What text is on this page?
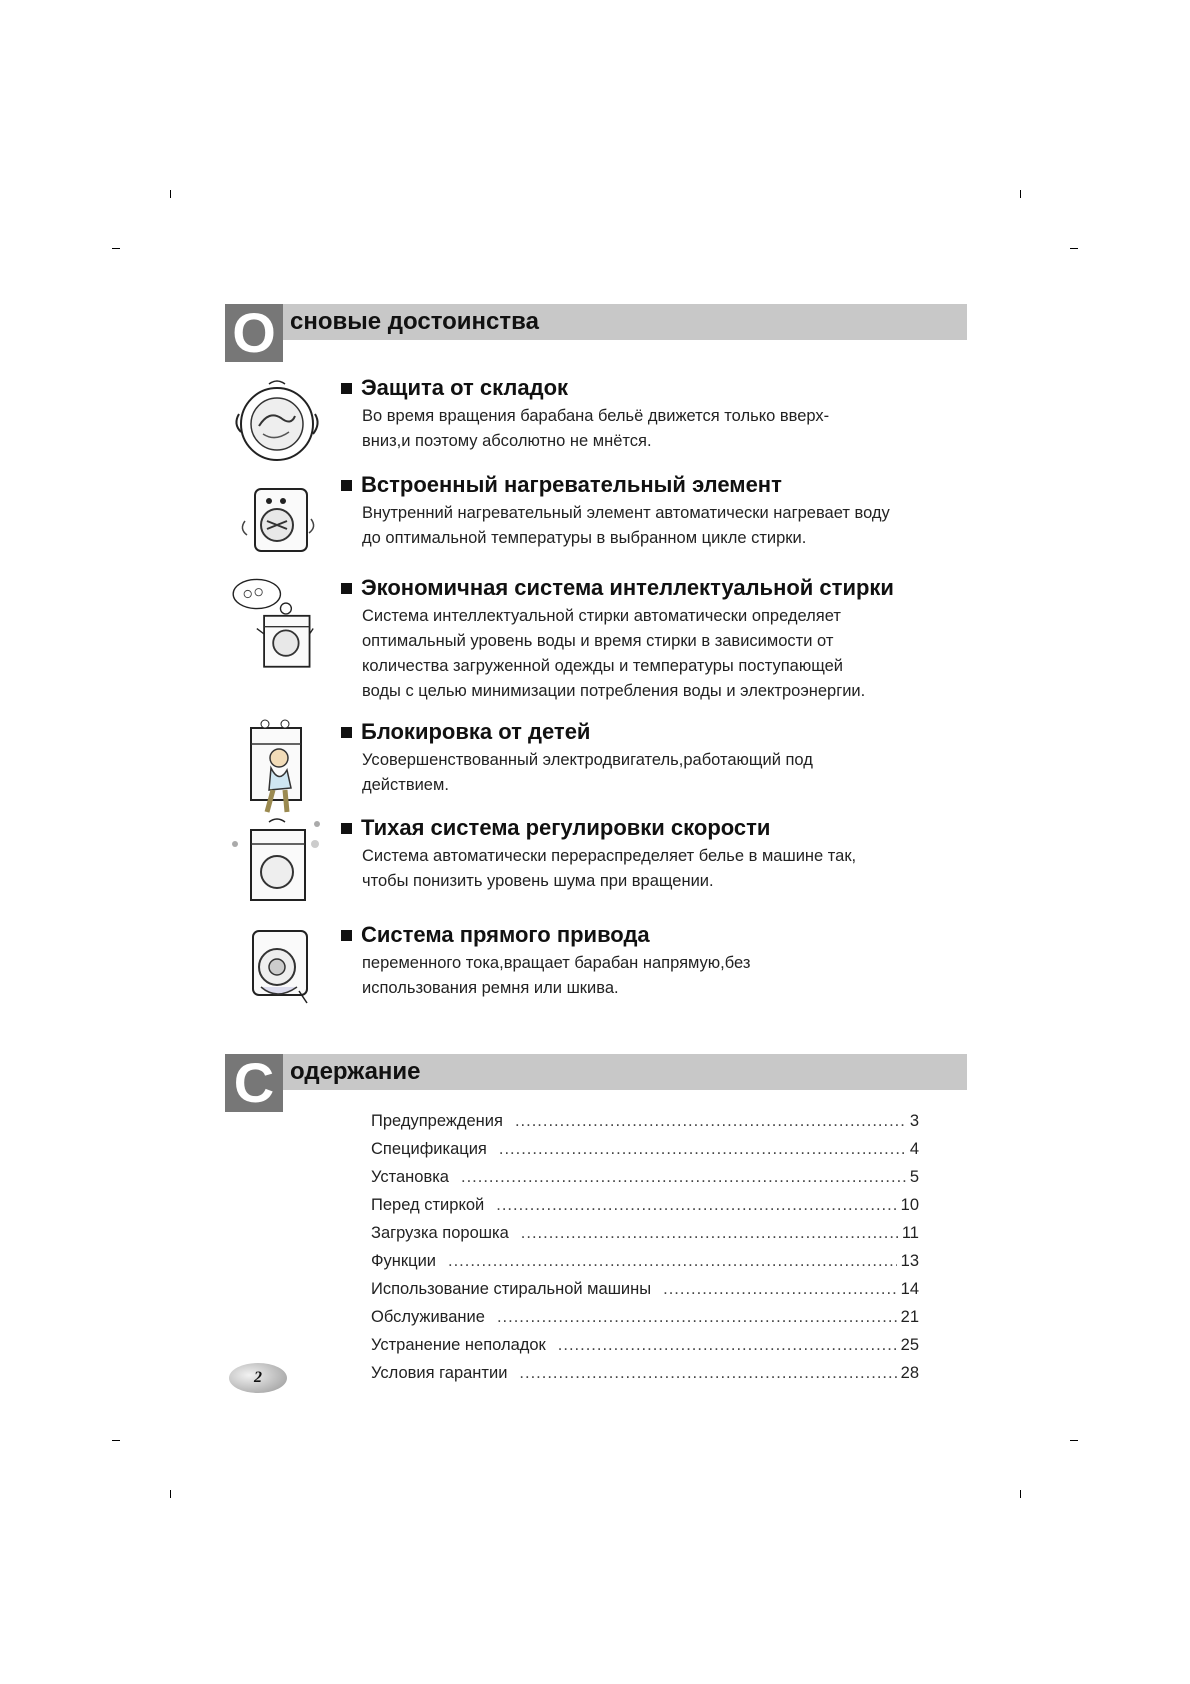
О сновые достоинства
Эащита от складок
Во время вращения барабана бельё движется только вверх-
вниз,и поэтому абсолютно не мнётся.
Встроенный нагревательный элемент
Внутренний нагревательный элемент автоматически нагревает воду
до оптимальной температуры в выбранном цикле стирки.
Экономичная система интеллектуальной стирки
Система интеллектуальной стирки автоматически определяет
оптимальный уровень воды и время стирки в зависимости от
количества загруженной одежды и температуры поступающей
воды с целью минимизации потребления воды и электроэнергии.
Блокировка от детей
Усовершенствованный электродвигатель,работающий под
действием.
Тихая система регулировки скорости
Система автоматически перераспределяет белье в машине так,
чтобы понизить уровень шума при вращении.
Система прямого привода
переменного тока,вращает барабан напрямую,без
использования ремня или шкива.
С одержание
Предупреждения .....	3
Спецификация .....	4
Установка .....	5
Перед стиркой .....	10
Загрузка порошка .....	11
Функции .....	13
Использование стиральной машины .....	14
Обслуживание .....	21
Устранение неполадок .....	25
Условия гарантии .....	28
2
